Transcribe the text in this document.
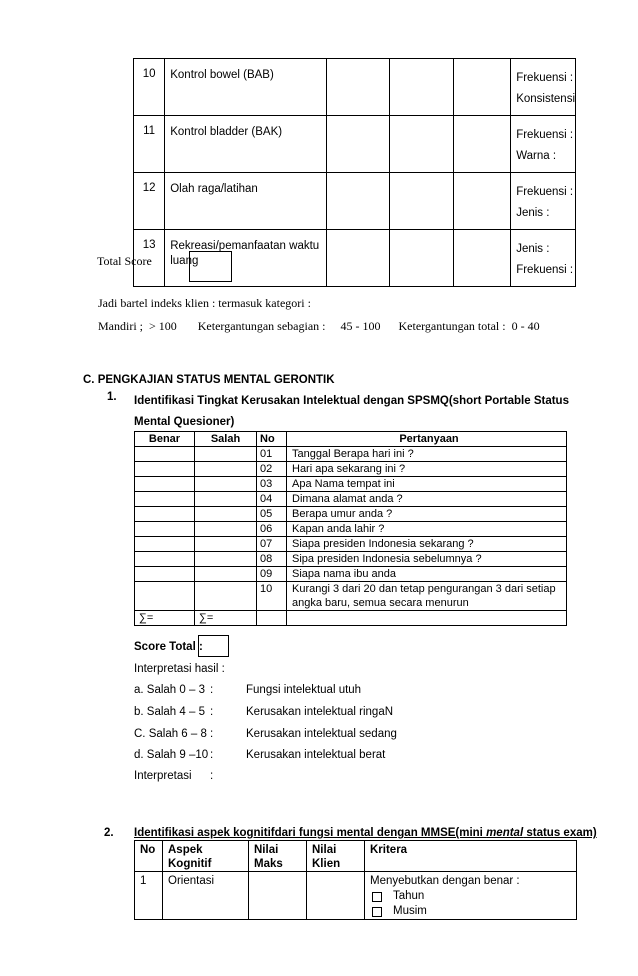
10	Kontrol bowel (BAB)				Frekuensi :
Konsistensi

11	Kontrol bladder (BAK)				Frekuensi :
Warna :

12	Olah raga/latihan				Frekuensi :
Jenis :

13	Rekreasi/pemanfaatan waktu luang				Jenis :
Frekuensi :
Total Score
Jadi bartel indeks klien : termasuk kategori :
Mandiri ;  > 100       Ketergantungan sebagian :     45 - 100      Ketergantungan total :  0 - 40
C. PENGKAJIAN STATUS MENTAL GERONTIK
1. Identifikasi Tingkat Kerusakan Intelektual dengan SPSMQ(short Portable Status Mental Quesioner)
Benar	Salah	No	Pertanyaan
		01	Tanggal Berapa hari ini ?
		02	Hari apa sekarang ini ?
		03	Apa Nama tempat ini
		04	Dimana alamat anda ?
		05	Berapa umur anda ?
		06	Kapan anda lahir ?
		07	Siapa presiden Indonesia sekarang ?
		08	Sipa presiden Indonesia sebelumnya ?
		09	Siapa nama ibu anda
		10	Kurangi 3 dari 20 dan tetap pengurangan 3 dari setiap angka baru, semua secara menurun
∑=	∑=		
Score Total :
Interpretasi hasil :
a. Salah 0 – 3 :	Fungsi intelektual utuh
b. Salah 4 – 5 :	Kerusakan intelektual ringaN
C. Salah 6 – 8 :	Kerusakan intelektual sedang
d. Salah 9 –10 :	Kerusakan intelektual berat
Interpretasi :
2. Identifikasi aspek kognitifdari fungsi mental dengan MMSE(mini mental status exam)
No	Aspek Kognitif	Nilai Maks	Nilai Klien	Kritera
1	Orientasi			Menyebutkan dengan benar :
Tahun
Musim
